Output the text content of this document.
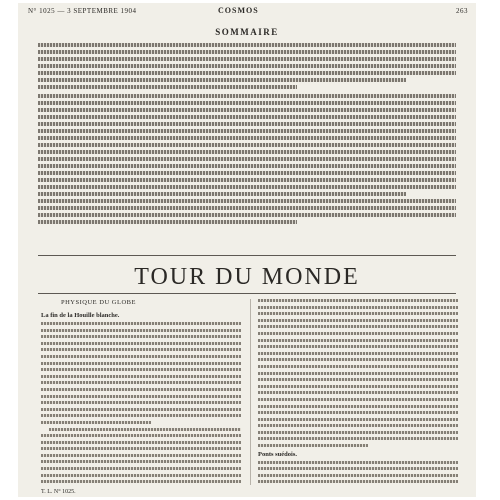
N° 1025 — 3 SEPTEMBRE 1904	COSMOS	263
SOMMAIRE
TOUR DU MONDE
PHYSIQUE DU GLOBE
La fin de la Houille blanche.
Ponts suédois.
T. L. N° 1025.
